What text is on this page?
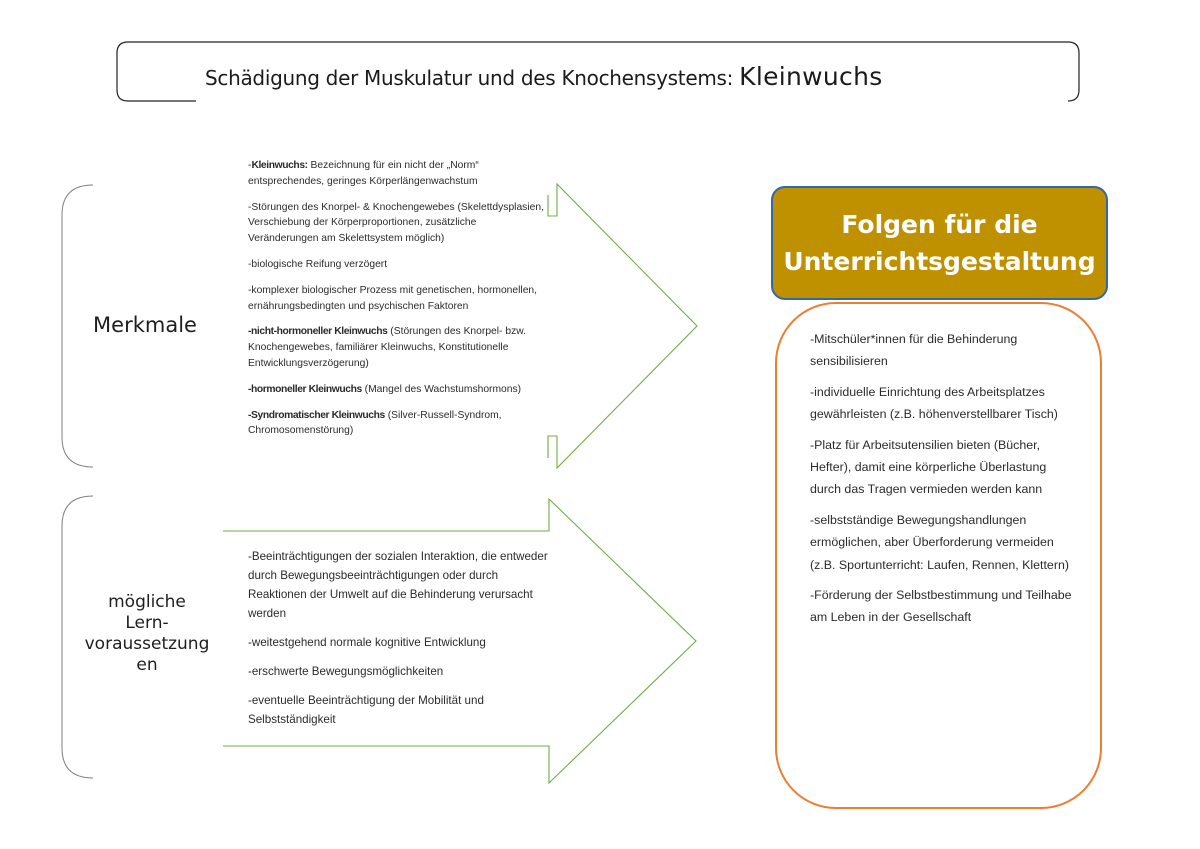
Schädigung der Muskulatur und des Knochensystems: Kleinwuchs
Merkmale
mögliche
Lern-
voraussetzung
en

-Kleinwuchs: Bezeichnung für ein nicht der „Norm“ entsprechendes, geringes Körperlängenwachstum

-Störungen des Knorpel- & Knochengewebes (Skelettdysplasien, Verschiebung der Körperproportionen, zusätzliche Veränderungen am Skelettsystem möglich)

-biologische Reifung verzögert

-komplexer biologischer Prozess mit genetischen, hormonellen, ernährungsbedingten und psychischen Faktoren

-nicht-hormoneller Kleinwuchs (Störungen des Knorpel- bzw. Knochengewebes, familiärer Kleinwuchs, Konstitutionelle Entwicklungsverzögerung)

-hormoneller Kleinwuchs (Mangel des Wachstumshormons)

-Syndromatischer Kleinwuchs (Silver-Russell-Syndrom, Chromosomenstörung)

-Beeinträchtigungen der sozialen Interaktion, die entweder durch Bewegungsbeeinträchtigungen oder durch Reaktionen der Umwelt auf die Behinderung verursacht werden

-weitestgehend normale kognitive Entwicklung

-erschwerte Bewegungsmöglichkeiten

-eventuelle Beeinträchtigung der Mobilität und Selbstständigkeit

Folgen für die
Unterrichtsgestaltung

-Mitschüler*innen für die Behinderung sensibilisieren

-individuelle Einrichtung des Arbeitsplatzes gewährleisten (z.B. höhenverstellbarer Tisch)

-Platz für Arbeitsutensilien bieten (Bücher, Hefter), damit eine körperliche Überlastung durch das Tragen vermieden werden kann

-selbstständige Bewegungshandlungen ermöglichen, aber Überforderung vermeiden (z.B. Sportunterricht: Laufen, Rennen, Klettern)

-Förderung der Selbstbestimmung und Teilhabe am Leben in der Gesellschaft
